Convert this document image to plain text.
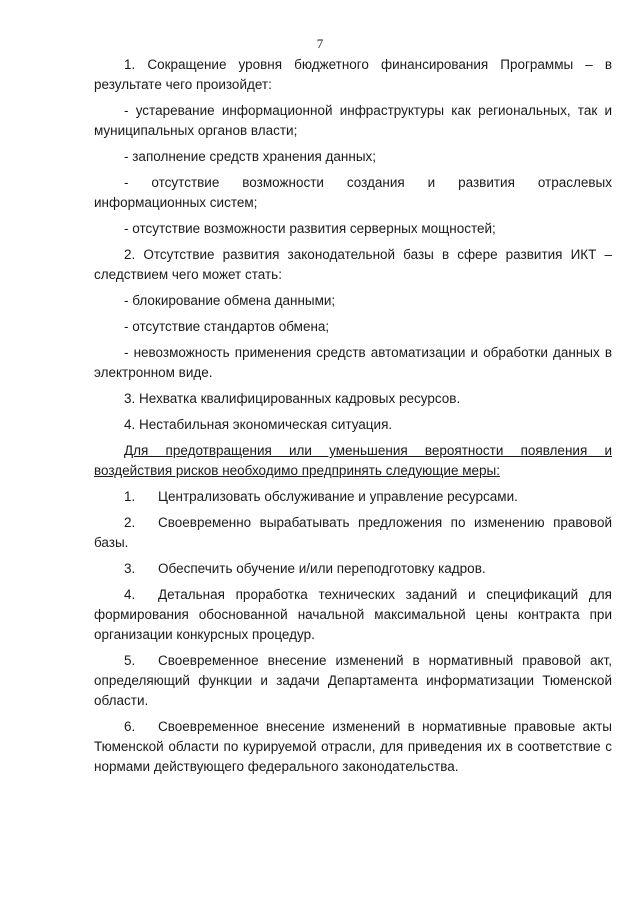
7

1. Сокращение уровня бюджетного финансирования Программы – в результате чего произойдет:

- устаревание информационной инфраструктуры как региональных, так и муниципальных органов власти;

- заполнение средств хранения данных;

- отсутствие возможности создания и развития отраслевых информационных систем;

- отсутствие возможности развития серверных мощностей;

2. Отсутствие развития законодательной базы в сфере развития ИКТ – следствием чего может стать:

- блокирование обмена данными;

- отсутствие стандартов обмена;

- невозможность применения средств автоматизации и обработки данных в электронном виде.

3. Нехватка квалифицированных кадровых ресурсов.

4. Нестабильная экономическая ситуация.

Для предотвращения или уменьшения вероятности появления и воздействия рисков необходимо предпринять следующие меры:

1. Централизовать обслуживание и управление ресурсами.

2. Своевременно вырабатывать предложения по изменению правовой базы.

3. Обеспечить обучение и/или переподготовку кадров.

4. Детальная проработка технических заданий и спецификаций для формирования обоснованной начальной максимальной цены контракта при организации конкурсных процедур.

5. Своевременное внесение изменений в нормативный правовой акт, определяющий функции и задачи Департамента информатизации Тюменской области.

6. Своевременное внесение изменений в нормативные правовые акты Тюменской области по курируемой отрасли, для приведения их в соответствие с нормами действующего федерального законодательства.
